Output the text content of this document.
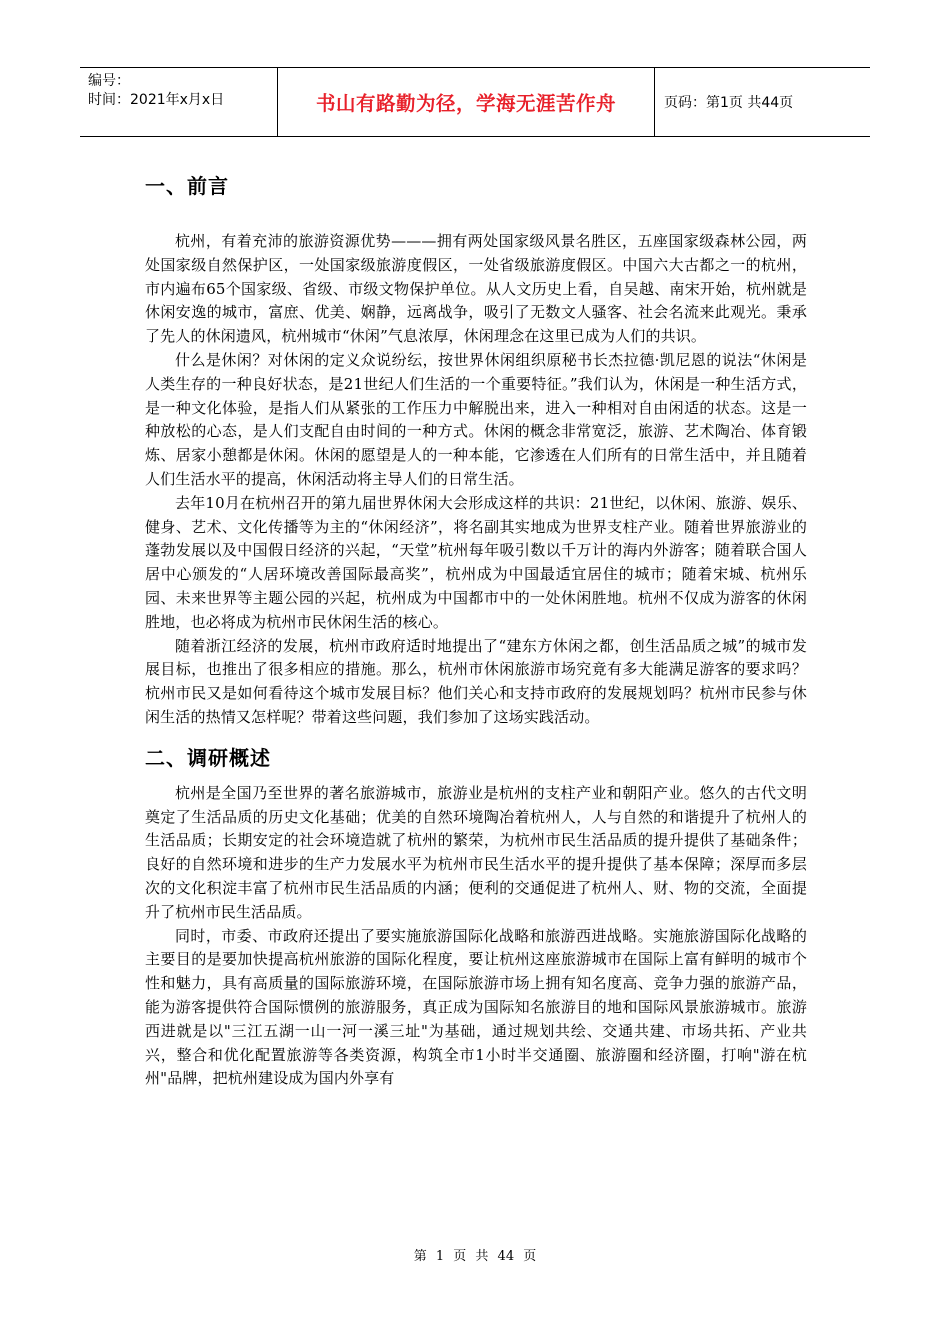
编号：
时间：2021年x月x日	书山有路勤为径，学海无涯苦作舟	页码：第1页 共44页
一、前言

杭州，有着充沛的旅游资源优势———拥有两处国家级风景名胜区，五座国家级森林公园，两处国家级自然保护区，一处国家级旅游度假区，一处省级旅游度假区。中国六大古都之一的杭州，市内遍布65个国家级、省级、市级文物保护单位。从人文历史上看，自吴越、南宋开始，杭州就是休闲安逸的城市，富庶、优美、娴静，远离战争，吸引了无数文人骚客、社会名流来此观光。秉承了先人的休闲遗风，杭州城市“休闲”气息浓厚，休闲理念在这里已成为人们的共识。

什么是休闲？对休闲的定义众说纷纭，按世界休闲组织原秘书长杰拉德·凯尼恩的说法“休闲是人类生存的一种良好状态，是21世纪人们生活的一个重要特征。”我们认为，休闲是一种生活方式，是一种文化体验，是指人们从紧张的工作压力中解脱出来，进入一种相对自由闲适的状态。这是一种放松的心态，是人们支配自由时间的一种方式。休闲的概念非常宽泛，旅游、艺术陶冶、体育锻炼、居家小憩都是休闲。休闲的愿望是人的一种本能，它渗透在人们所有的日常生活中，并且随着人们生活水平的提高，休闲活动将主导人们的日常生活。

去年10月在杭州召开的第九届世界休闲大会形成这样的共识：21世纪，以休闲、旅游、娱乐、健身、艺术、文化传播等为主的“休闲经济”，将名副其实地成为世界支柱产业。随着世界旅游业的蓬勃发展以及中国假日经济的兴起，“天堂”杭州每年吸引数以千万计的海内外游客；随着联合国人居中心颁发的“人居环境改善国际最高奖”，杭州成为中国最适宜居住的城市；随着宋城、杭州乐园、未来世界等主题公园的兴起，杭州成为中国都市中的一处休闲胜地。杭州不仅成为游客的休闲胜地，也必将成为杭州市民休闲生活的核心。

随着浙江经济的发展，杭州市政府适时地提出了“建东方休闲之都，创生活品质之城”的城市发展目标，也推出了很多相应的措施。那么，杭州市休闲旅游市场究竟有多大能满足游客的要求吗？杭州市民又是如何看待这个城市发展目标？他们关心和支持市政府的发展规划吗？杭州市民参与休闲生活的热情又怎样呢？带着这些问题，我们参加了这场实践活动。

二、调研概述

杭州是全国乃至世界的著名旅游城市，旅游业是杭州的支柱产业和朝阳产业。悠久的古代文明奠定了生活品质的历史文化基础；优美的自然环境陶冶着杭州人，人与自然的和谐提升了杭州人的生活品质；长期安定的社会环境造就了杭州的繁荣，为杭州市民生活品质的提升提供了基础条件；良好的自然环境和进步的生产力发展水平为杭州市民生活水平的提升提供了基本保障；深厚而多层次的文化积淀丰富了杭州市民生活品质的内涵；便利的交通促进了杭州人、财、物的交流，全面提升了杭州市民生活品质。

同时，市委、市政府还提出了要实施旅游国际化战略和旅游西进战略。实施旅游国际化战略的主要目的是要加快提高杭州旅游的国际化程度，要让杭州这座旅游城市在国际上富有鲜明的城市个性和魅力，具有高质量的国际旅游环境，在国际旅游市场上拥有知名度高、竞争力强的旅游产品，能为游客提供符合国际惯例的旅游服务，真正成为国际知名旅游目的地和国际风景旅游城市。旅游西进就是以"三江五湖一山一河一溪三址"为基础，通过规划共绘、交通共建、市场共拓、产业共兴，整合和优化配置旅游等各类资源，构筑全市1小时半交通圈、旅游圈和经济圈，打响"游在杭州"品牌，把杭州建设成为国内外享有

第 1 页 共 44 页
